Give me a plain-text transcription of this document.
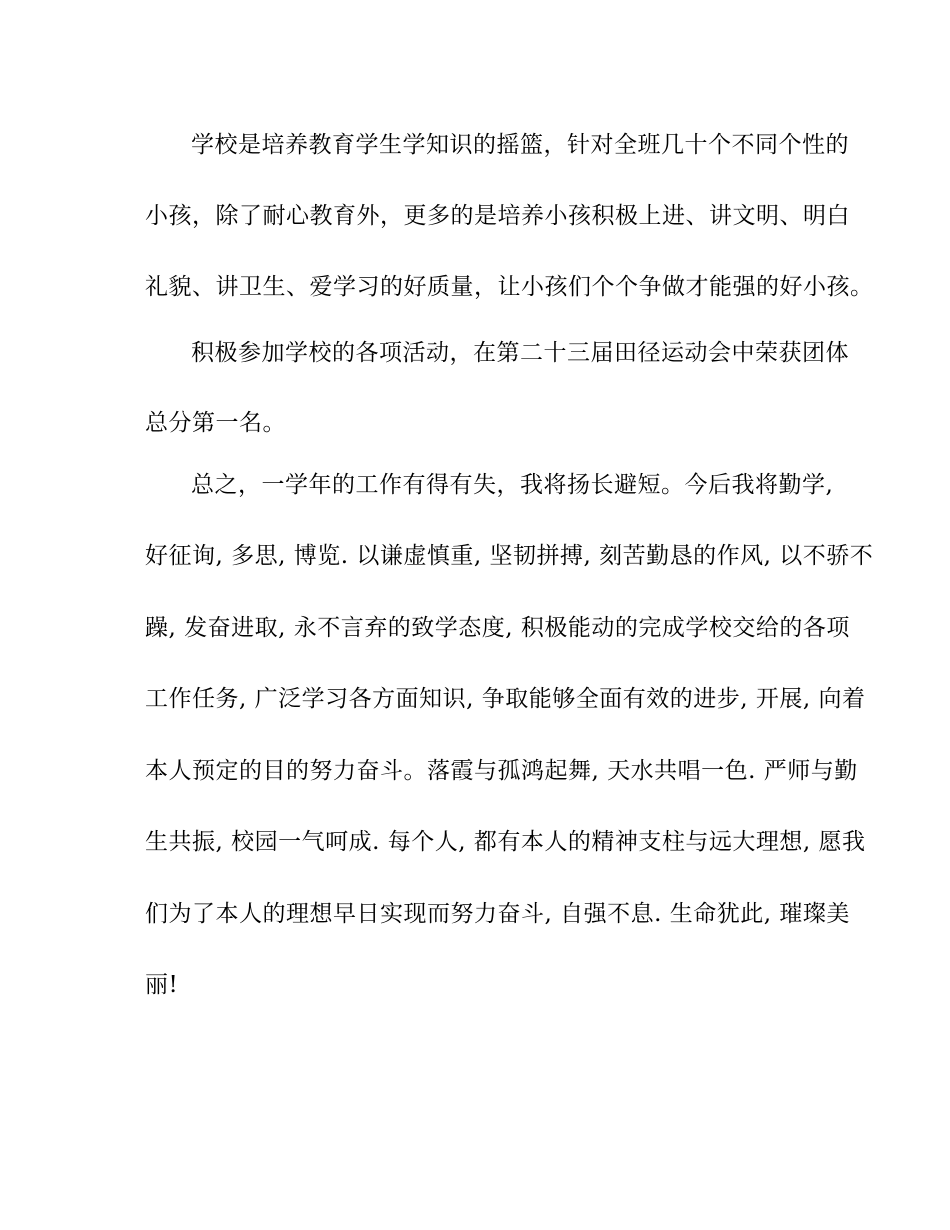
学校是培养教育学生学知识的摇篮，针对全班几十个不同个性的
小孩，除了耐心教育外，更多的是培养小孩积极上进、讲文明、明白
礼貌、讲卫生、爱学习的好质量，让小孩们个个争做才能强的好小孩。
积极参加学校的各项活动，在第二十三届田径运动会中荣获团体
总分第一名。
总之，一学年的工作有得有失，我将扬长避短。今后我将勤学,
好征询, 多思, 博览. 以谦虚慎重, 坚韧拼搏, 刻苦勤恳的作风, 以不骄不
躁, 发奋进取, 永不言弃的致学态度, 积极能动的完成学校交给的各项
工作任务, 广泛学习各方面知识, 争取能够全面有效的进步, 开展, 向着
本人预定的目的努力奋斗。落霞与孤鸿起舞, 天水共唱一色. 严师与勤
生共振, 校园一气呵成. 每个人, 都有本人的精神支柱与远大理想, 愿我
们为了本人的理想早日实现而努力奋斗, 自强不息. 生命犹此, 璀璨美
丽!
